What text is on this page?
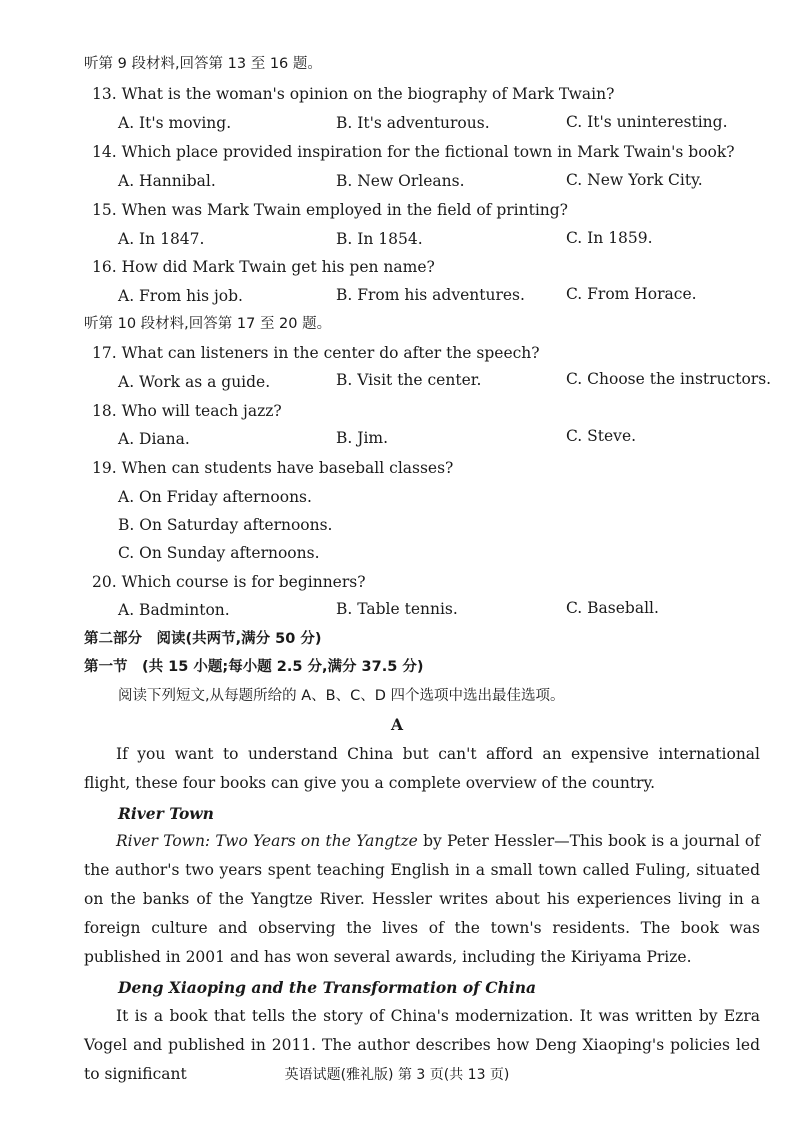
听第 9 段材料,回答第 13 至 16 题。
13. What is the woman's opinion on the biography of Mark Twain?
A. It's moving.	B. It's adventurous.	C. It's uninteresting.
14. Which place provided inspiration for the fictional town in Mark Twain's book?
A. Hannibal.	B. New Orleans.	C. New York City.
15. When was Mark Twain employed in the field of printing?
A. In 1847.	B. In 1854.	C. In 1859.
16. How did Mark Twain get his pen name?
A. From his job.	B. From his adventures.	C. From Horace.
听第 10 段材料,回答第 17 至 20 题。
17. What can listeners in the center do after the speech?
A. Work as a guide.	B. Visit the center.	C. Choose the instructors.
18. Who will teach jazz?
A. Diana.	B. Jim.	C. Steve.
19. When can students have baseball classes?
A. On Friday afternoons.
B. On Saturday afternoons.
C. On Sunday afternoons.
20. Which course is for beginners?
A. Badminton.	B. Table tennis.	C. Baseball.
第二部分　阅读(共两节,满分 50 分)
第一节　(共 15 小题;每小题 2.5 分,满分 37.5 分)
阅读下列短文,从每题所给的 A、B、C、D 四个选项中选出最佳选项。
A
If you want to understand China but can't afford an expensive international flight, these four books can give you a complete overview of the country.
River Town
River Town: Two Years on the Yangtze by Peter Hessler—This book is a journal of the author's two years spent teaching English in a small town called Fuling, situated on the banks of the Yangtze River. Hessler writes about his experiences living in a foreign culture and observing the lives of the town's residents. The book was published in 2001 and has won several awards, including the Kiriyama Prize.
Deng Xiaoping and the Transformation of China
It is a book that tells the story of China's modernization. It was written by Ezra Vogel and published in 2011. The author describes how Deng Xiaoping's policies led to significant	英语试题(雅礼版) 第 3 页(共 13 页)
